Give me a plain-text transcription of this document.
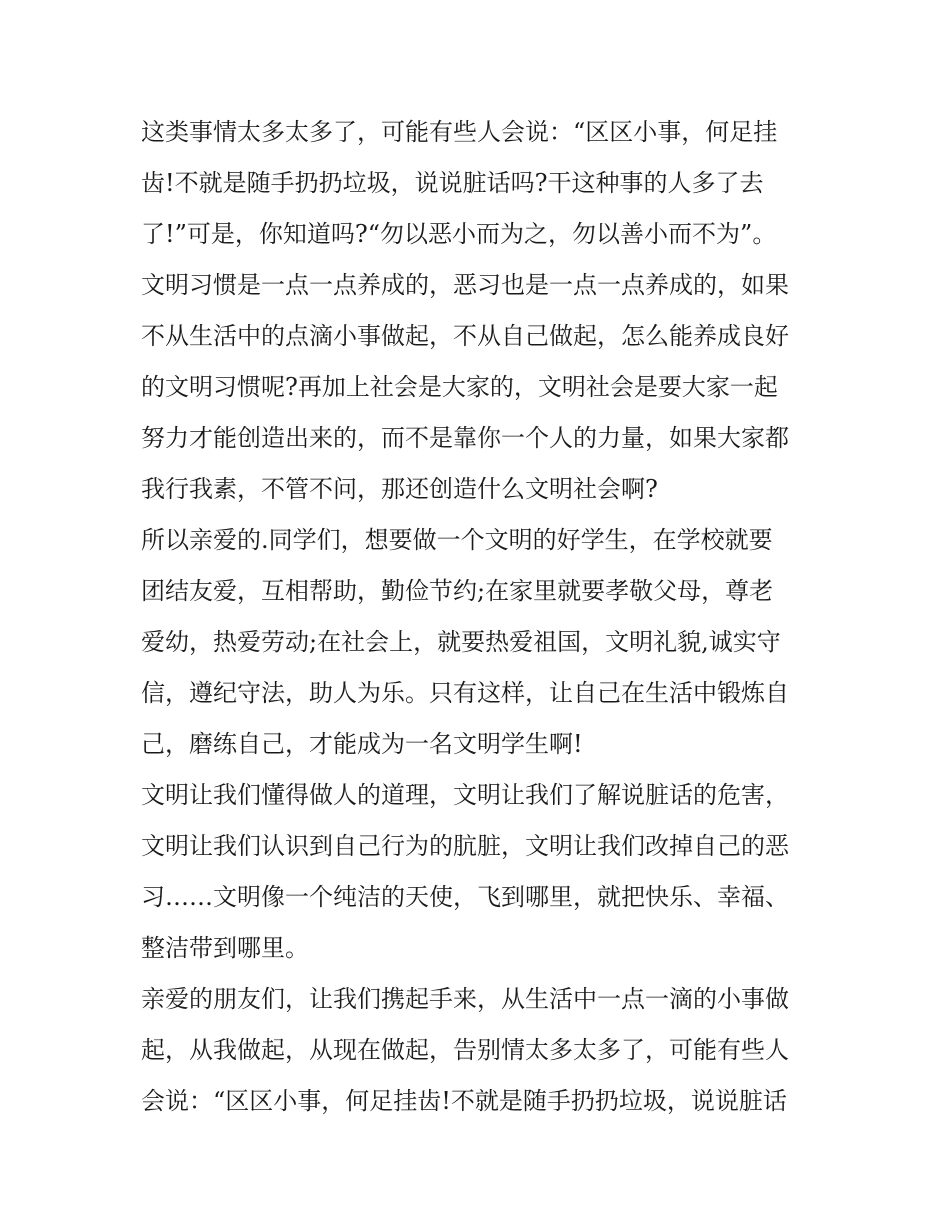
这类事情太多太多了，可能有些人会说：“区区小事，何足挂
齿!不就是随手扔扔垃圾，说说脏话吗?干这种事的人多了去
了!”可是，你知道吗?“勿以恶小而为之，勿以善小而不为”。
文明习惯是一点一点养成的，恶习也是一点一点养成的，如果
不从生活中的点滴小事做起，不从自己做起，怎么能养成良好
的文明习惯呢?再加上社会是大家的，文明社会是要大家一起
努力才能创造出来的，而不是靠你一个人的力量，如果大家都
我行我素，不管不问，那还创造什么文明社会啊?
所以亲爱的.同学们，想要做一个文明的好学生，在学校就要
团结友爱，互相帮助，勤俭节约;在家里就要孝敬父母，尊老
爱幼，热爱劳动;在社会上，就要热爱祖国，文明礼貌,诚实守
信，遵纪守法，助人为乐。只有这样，让自己在生活中锻炼自
己，磨练自己，才能成为一名文明学生啊!
文明让我们懂得做人的道理，文明让我们了解说脏话的危害，
文明让我们认识到自己行为的肮脏，文明让我们改掉自己的恶
习……文明像一个纯洁的天使，飞到哪里，就把快乐、幸福、
整洁带到哪里。
亲爱的朋友们，让我们携起手来，从生活中一点一滴的小事做
起，从我做起，从现在做起，告别情太多太多了，可能有些人
会说：“区区小事，何足挂齿!不就是随手扔扔垃圾，说说脏话
